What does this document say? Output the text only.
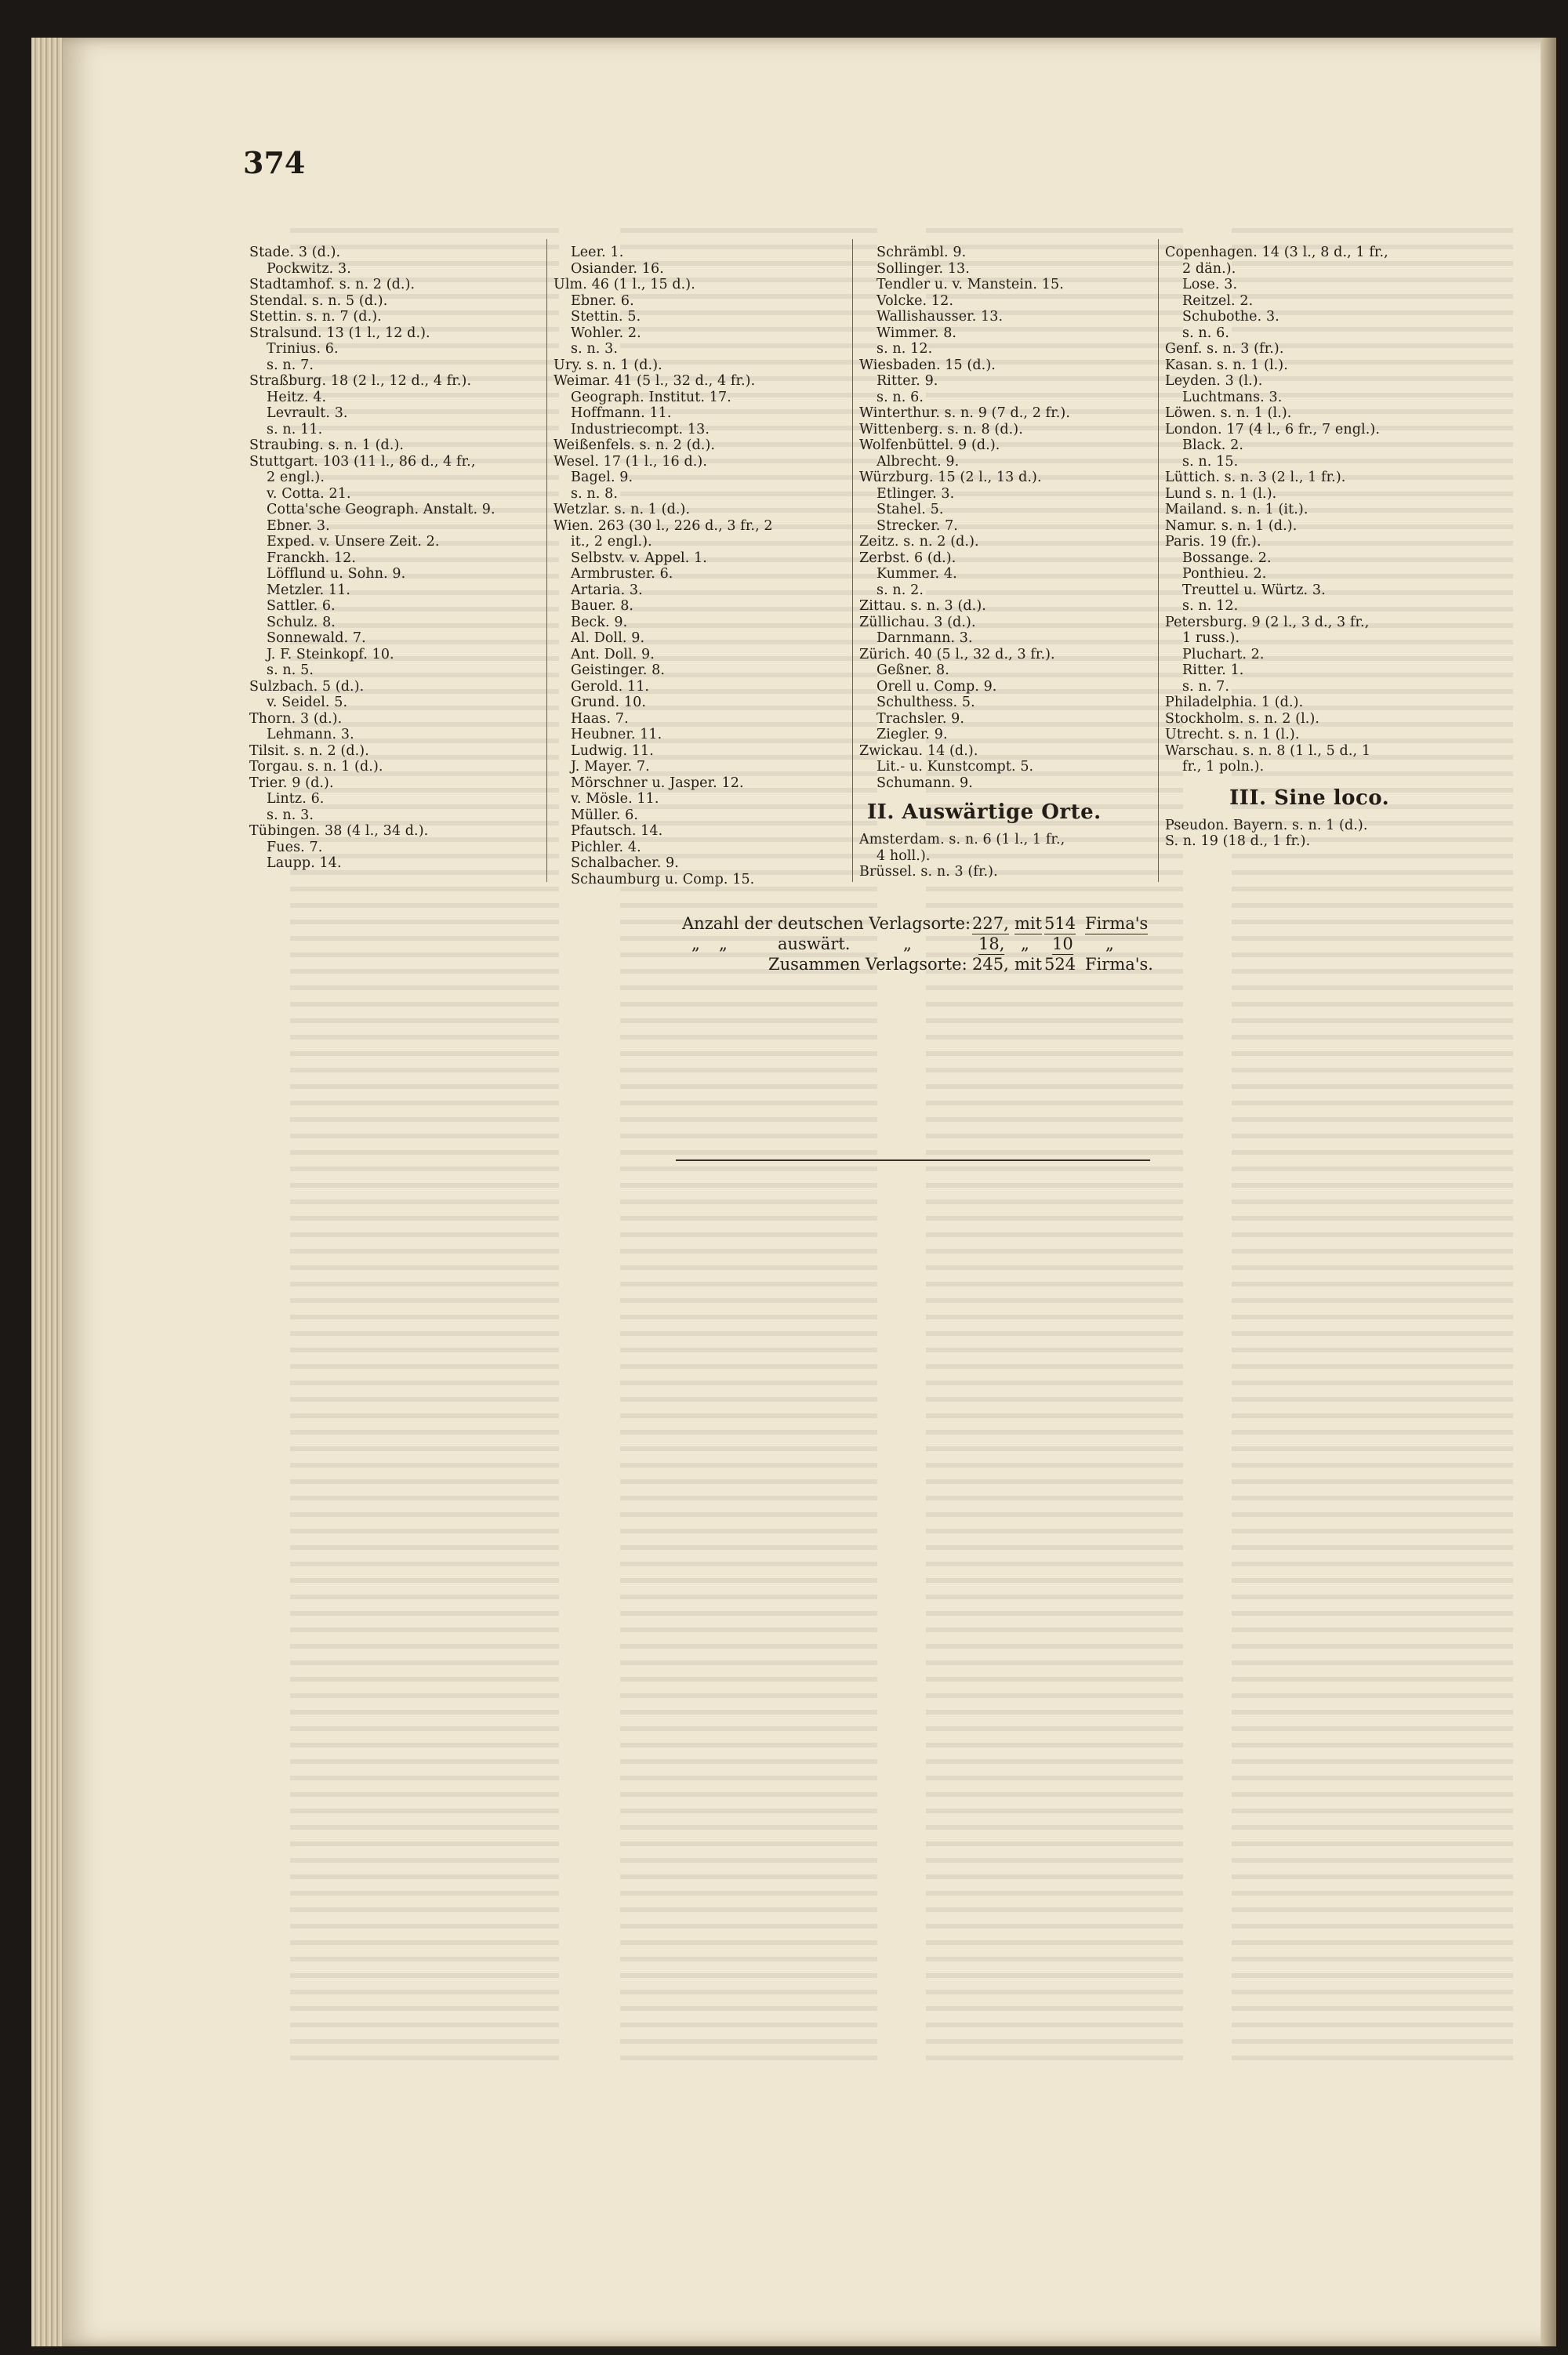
374
Stade. 3 (d.).
Pockwitz. 3.
Stadtamhof. s. n. 2 (d.).
Stendal. s. n. 5 (d.).
Stettin. s. n. 7 (d.).
Stralsund. 13 (1 l., 12 d.).
Trinius. 6.
s. n. 7.
Straßburg. 18 (2 l., 12 d., 4 fr.).
Heitz. 4.
Levrault. 3.
s. n. 11.
Straubing. s. n. 1 (d.).
Stuttgart. 103 (11 l., 86 d., 4 fr.,
2 engl.).
v. Cotta. 21.
Cotta'sche Geograph. Anstalt. 9.
Ebner. 3.
Exped. v. Unsere Zeit. 2.
Franckh. 12.
Löfflund u. Sohn. 9.
Metzler. 11.
Sattler. 6.
Schulz. 8.
Sonnewald. 7.
J. F. Steinkopf. 10.
s. n. 5.
Sulzbach. 5 (d.).
v. Seidel. 5.
Thorn. 3 (d.).
Lehmann. 3.
Tilsit. s. n. 2 (d.).
Torgau. s. n. 1 (d.).
Trier. 9 (d.).
Lintz. 6.
s. n. 3.
Tübingen. 38 (4 l., 34 d.).
Fues. 7.
Laupp. 14.
Leer. 1.
Osiander. 16.
Ulm. 46 (1 l., 15 d.).
Ebner. 6.
Stettin. 5.
Wohler. 2.
s. n. 3.
Ury. s. n. 1 (d.).
Weimar. 41 (5 l., 32 d., 4 fr.).
Geograph. Institut. 17.
Hoffmann. 11.
Industriecompt. 13.
Weißenfels. s. n. 2 (d.).
Wesel. 17 (1 l., 16 d.).
Bagel. 9.
s. n. 8.
Wetzlar. s. n. 1 (d.).
Wien. 263 (30 l., 226 d., 3 fr., 2
it., 2 engl.).
Selbstv. v. Appel. 1.
Armbruster. 6.
Artaria. 3.
Bauer. 8.
Beck. 9.
Al. Doll. 9.
Ant. Doll. 9.
Geistinger. 8.
Gerold. 11.
Grund. 10.
Haas. 7.
Heubner. 11.
Ludwig. 11.
J. Mayer. 7.
Mörschner u. Jasper. 12.
v. Mösle. 11.
Müller. 6.
Pfautsch. 14.
Pichler. 4.
Schalbacher. 9.
Schaumburg u. Comp. 15.
Schrämbl. 9.
Sollinger. 13.
Tendler u. v. Manstein. 15.
Volcke. 12.
Wallishausser. 13.
Wimmer. 8.
s. n. 12.
Wiesbaden. 15 (d.).
Ritter. 9.
s. n. 6.
Winterthur. s. n. 9 (7 d., 2 fr.).
Wittenberg. s. n. 8 (d.).
Wolfenbüttel. 9 (d.).
Albrecht. 9.
Würzburg. 15 (2 l., 13 d.).
Etlinger. 3.
Stahel. 5.
Strecker. 7.
Zeitz. s. n. 2 (d.).
Zerbst. 6 (d.).
Kummer. 4.
s. n. 2.
Zittau. s. n. 3 (d.).
Züllichau. 3 (d.).
Darnmann. 3.
Zürich. 40 (5 l., 32 d., 3 fr.).
Geßner. 8.
Orell u. Comp. 9.
Schulthess. 5.
Trachsler. 9.
Ziegler. 9.
Zwickau. 14 (d.).
Lit.- u. Kunstcompt. 5.
Schumann. 9.
II. Auswärtige Orte.
Amsterdam. s. n. 6 (1 l., 1 fr.,
4 holl.).
Brüssel. s. n. 3 (fr.).
Copenhagen. 14 (3 l., 8 d., 1 fr.,
2 dän.).
Lose. 3.
Reitzel. 2.
Schubothe. 3.
s. n. 6.
Genf. s. n. 3 (fr.).
Kasan. s. n. 1 (l.).
Leyden. 3 (l.).
Luchtmans. 3.
Löwen. s. n. 1 (l.).
London. 17 (4 l., 6 fr., 7 engl.).
Black. 2.
s. n. 15.
Lüttich. s. n. 3 (2 l., 1 fr.).
Lund s. n. 1 (l.).
Mailand. s. n. 1 (it.).
Namur. s. n. 1 (d.).
Paris. 19 (fr.).
Bossange. 2.
Ponthieu. 2.
Treuttel u. Würtz. 3.
s. n. 12.
Petersburg. 9 (2 l., 3 d., 3 fr.,
1 russ.).
Pluchart. 2.
Ritter. 1.
s. n. 7.
Philadelphia. 1 (d.).
Stockholm. s. n. 2 (l.).
Utrecht. s. n. 1 (l.).
Warschau. s. n. 8 (1 l., 5 d., 1
fr., 1 poln.).
III. Sine loco.
Pseudon. Bayern. s. n. 1 (d.).
S. n. 19 (18 d., 1 fr.).
Anzahl der deutschen Verlagsorte: 227, mit 514 Firma's
„ „	auswärt.	„	18, „ 10 „
Zusammen Verlagsorte: 245, mit 524 Firma's.
